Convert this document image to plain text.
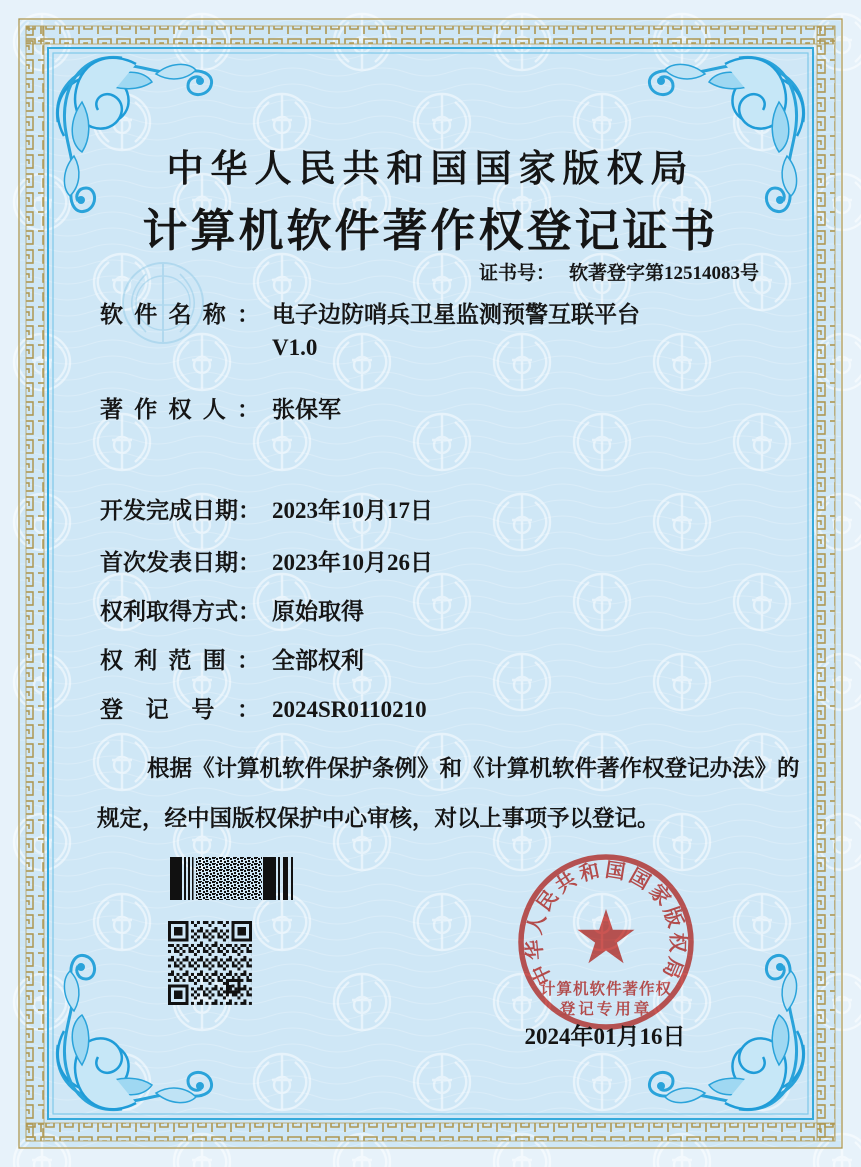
中华人民共和国国家版权局
计算机软件著作权登记证书
证书号： 软著登字第12514083号
软件名称： 电子边防哨兵卫星监测预警互联平台
V1.0
著作权人： 张保军
开发完成日期： 2023年10月17日
首次发表日期： 2023年10月26日
权利取得方式： 原始取得
权利范围： 全部权利
登记号： 2024SR0110210
根据《计算机软件保护条例》和《计算机软件著作权登记办法》的
规定，经中国版权保护中心审核，对以上事项予以登记。
中华人民共和国国家版权局
计算机软件著作权
登记专用章
2024年01月16日
